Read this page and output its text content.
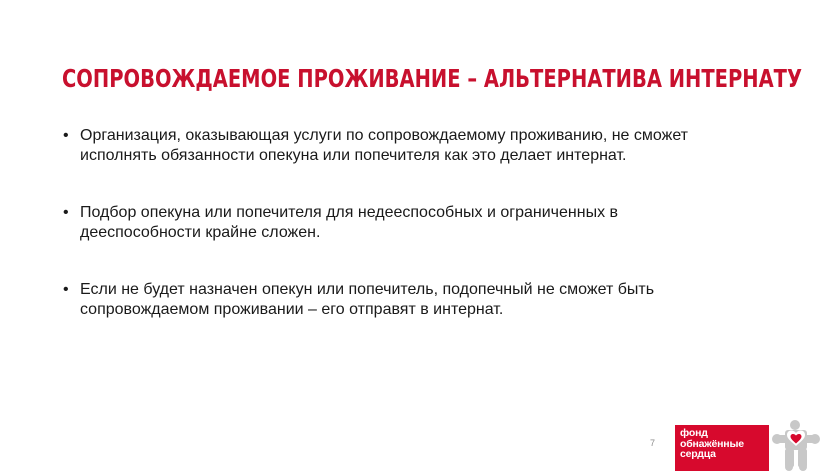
СОПРОВОЖДАЕМОЕ ПРОЖИВАНИЕ – АЛЬТЕРНАТИВА ИНТЕРНАТУ
• Организация, оказывающая услуги по сопровождаемому проживанию, не сможет
исполнять обязанности опекуна или попечителя как это делает интернат.
• Подбор опекуна или попечителя для недееспособных и ограниченных в
дееспособности крайне сложен.
• Если не будет назначен опекун или попечитель, подопечный не сможет быть
сопровождаемом проживании – его отправят в интернат.
7
фонд
обнажённые
сердца
